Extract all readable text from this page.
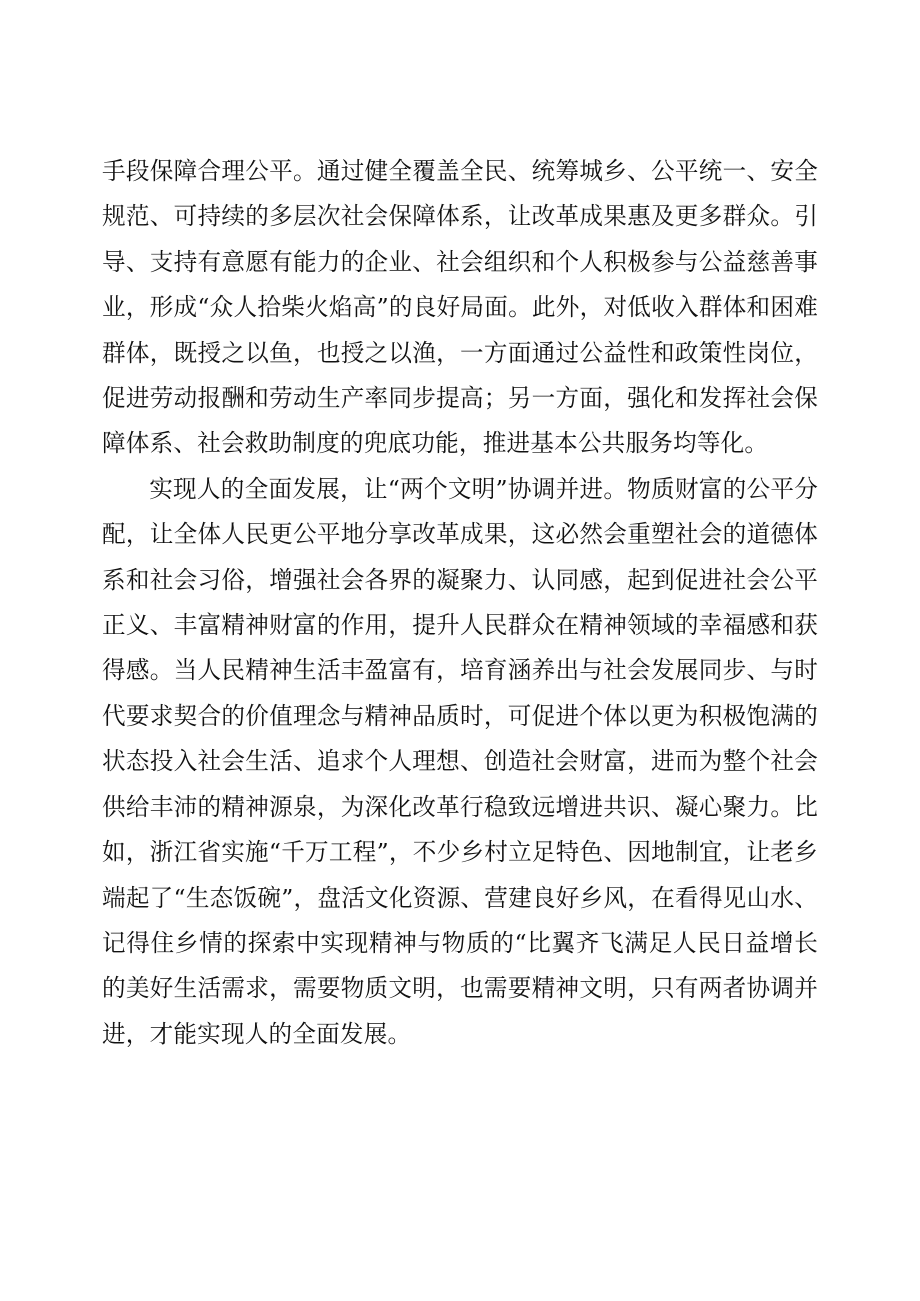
手段保障合理公平。通过健全覆盖全民、统筹城乡、公平统一、安全规范、可持续的多层次社会保障体系，让改革成果惠及更多群众。引导、支持有意愿有能力的企业、社会组织和个人积极参与公益慈善事业，形成“众人拾柴火焰高”的良好局面。此外，对低收入群体和困难群体，既授之以鱼，也授之以渔，一方面通过公益性和政策性岗位，促进劳动报酬和劳动生产率同步提高；另一方面，强化和发挥社会保障体系、社会救助制度的兜底功能，推进基本公共服务均等化。

实现人的全面发展，让“两个文明”协调并进。物质财富的公平分配，让全体人民更公平地分享改革成果，这必然会重塑社会的道德体系和社会习俗，增强社会各界的凝聚力、认同感，起到促进社会公平正义、丰富精神财富的作用，提升人民群众在精神领域的幸福感和获得感。当人民精神生活丰盈富有，培育涵养出与社会发展同步、与时代要求契合的价值理念与精神品质时，可促进个体以更为积极饱满的状态投入社会生活、追求个人理想、创造社会财富，进而为整个社会供给丰沛的精神源泉，为深化改革行稳致远增进共识、凝心聚力。比如，浙江省实施“千万工程”，不少乡村立足特色、因地制宜，让老乡端起了“生态饭碗”，盘活文化资源、营建良好乡风，在看得见山水、记得住乡情的探索中实现精神与物质的“比翼齐飞满足人民日益增长的美好生活需求，需要物质文明，也需要精神文明，只有两者协调并进，才能实现人的全面发展。
